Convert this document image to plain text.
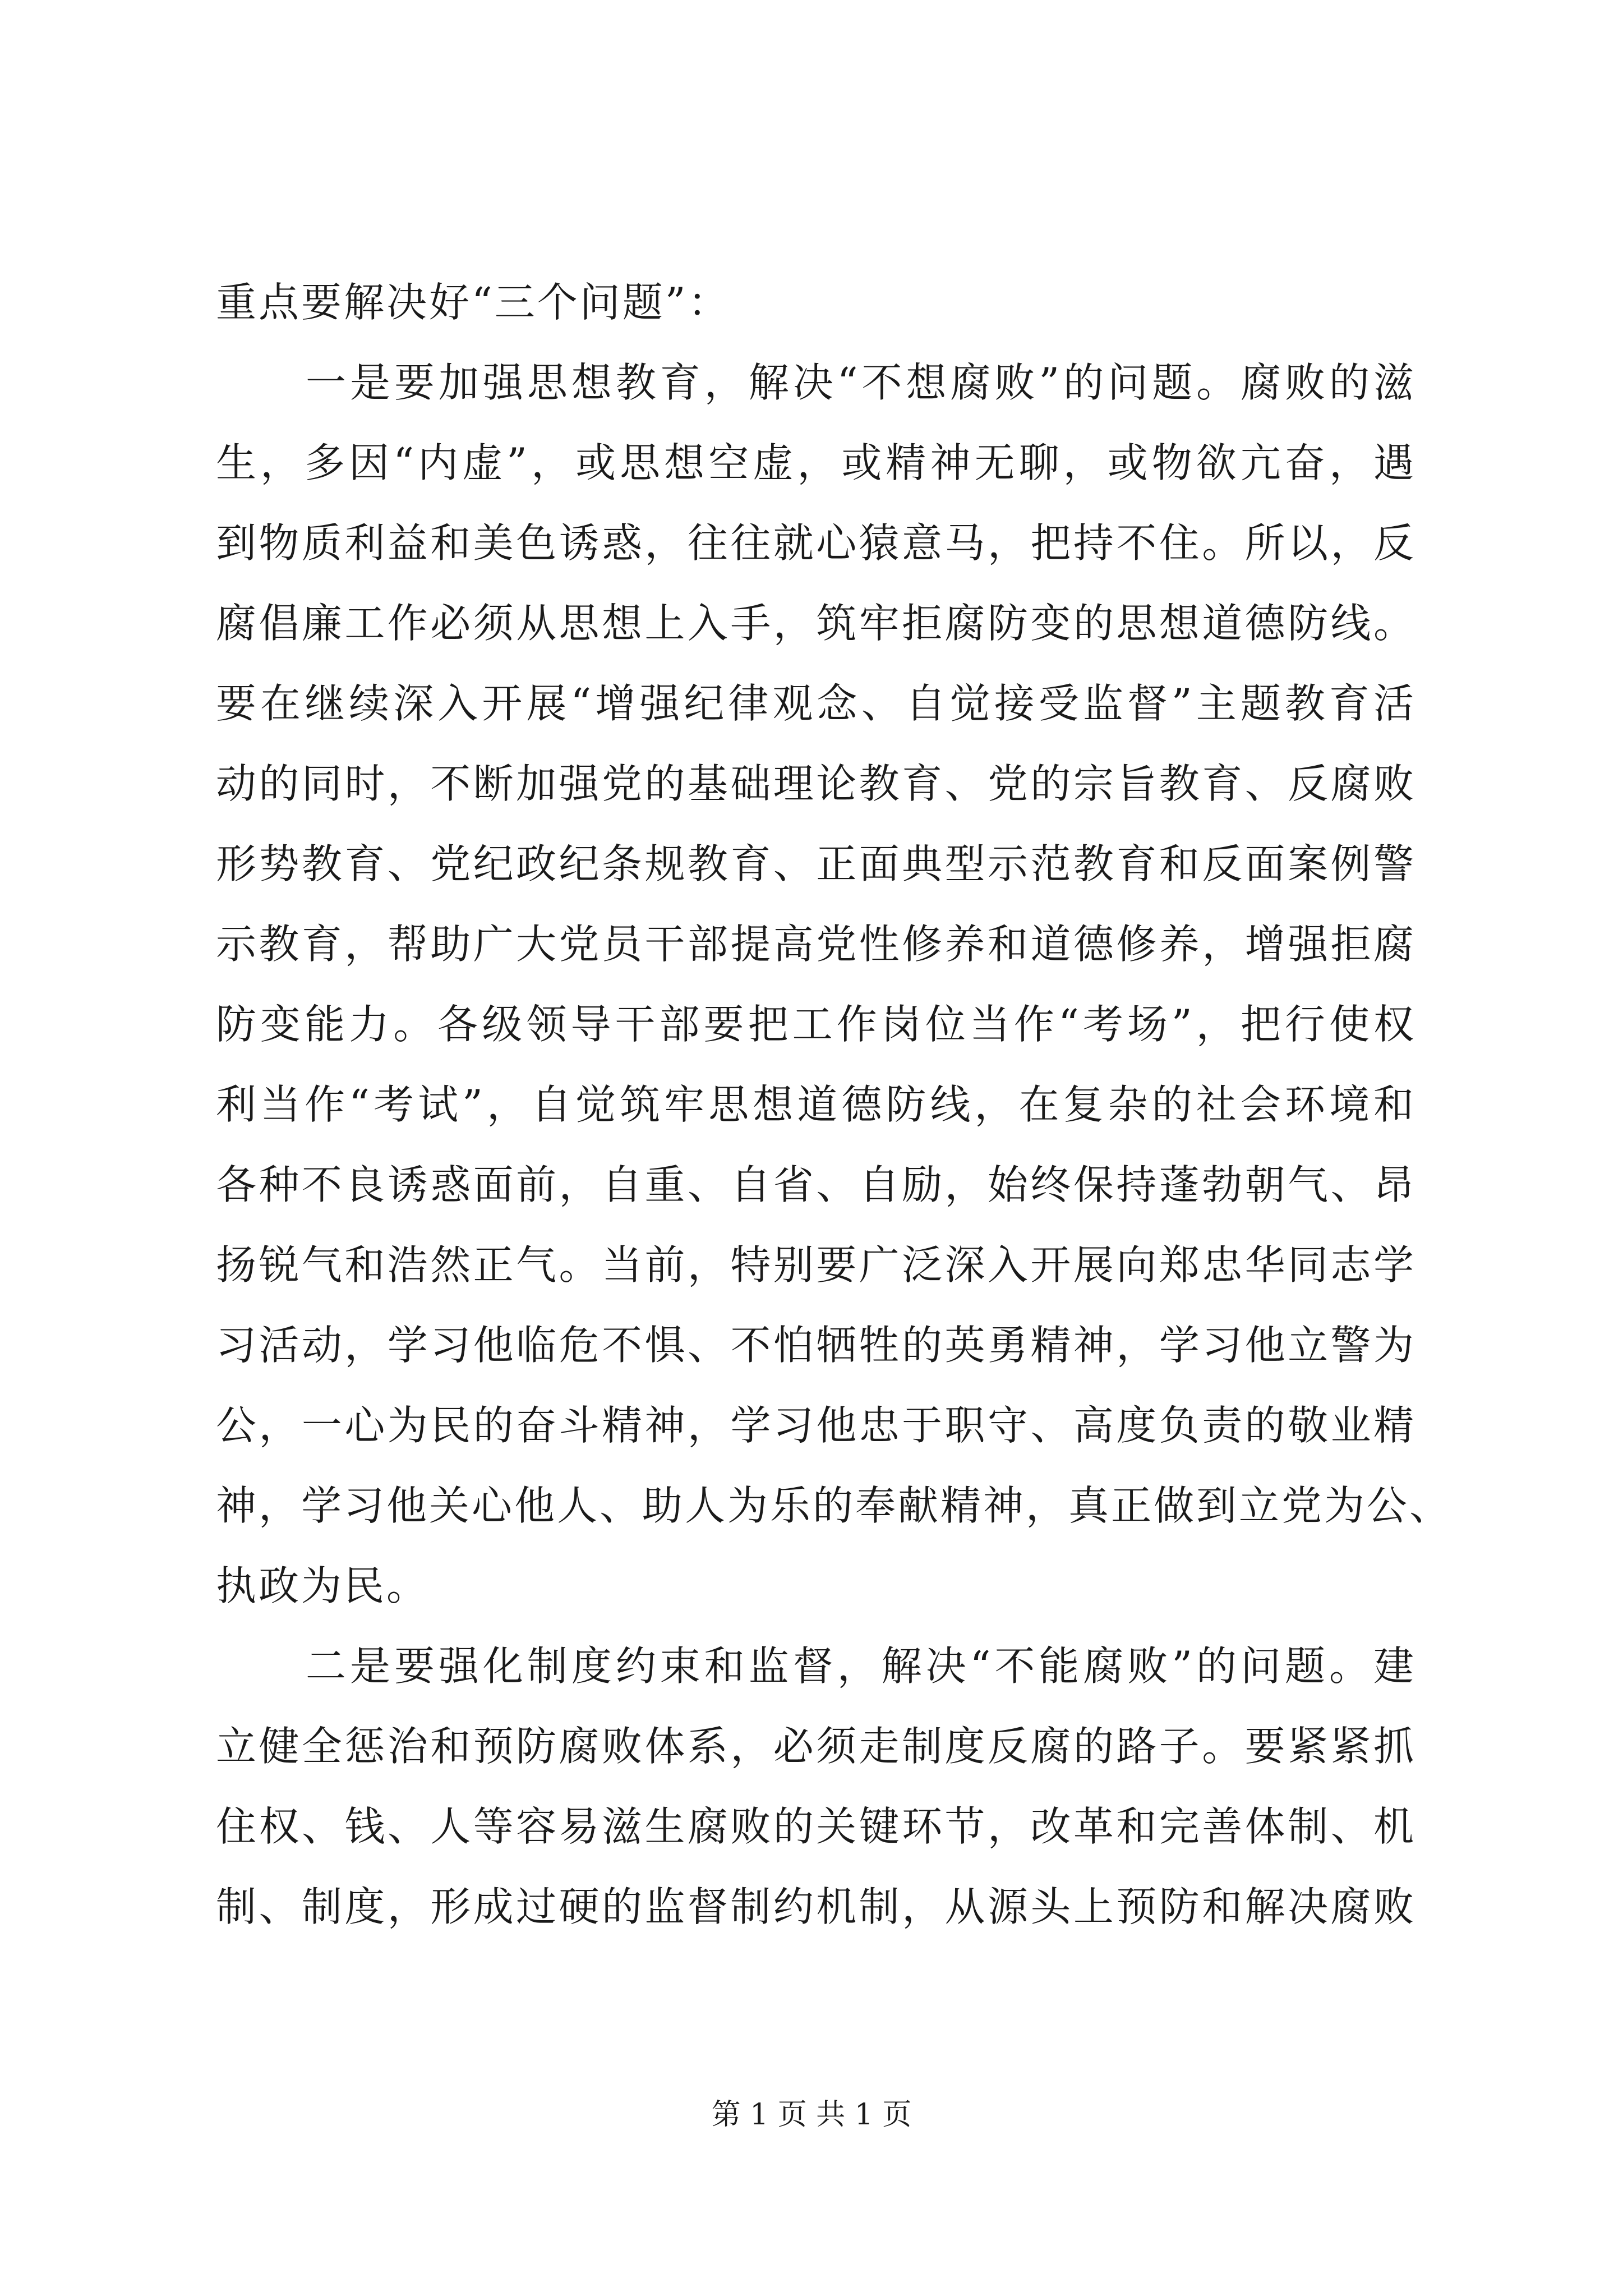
重点要解决好“三个问题”：
一是要加强思想教育，解决“不想腐败”的问题。腐败的滋
生，多因“内虚”，或思想空虚，或精神无聊，或物欲亢奋，遇
到物质利益和美色诱惑，往往就心猿意马，把持不住。所以，反
腐倡廉工作必须从思想上入手，筑牢拒腐防变的思想道德防线。
要在继续深入开展“增强纪律观念、自觉接受监督”主题教育活
动的同时，不断加强党的基础理论教育、党的宗旨教育、反腐败
形势教育、党纪政纪条规教育、正面典型示范教育和反面案例警
示教育，帮助广大党员干部提高党性修养和道德修养，增强拒腐
防变能力。各级领导干部要把工作岗位当作“考场”，把行使权
利当作“考试”，自觉筑牢思想道德防线，在复杂的社会环境和
各种不良诱惑面前，自重、自省、自励，始终保持蓬勃朝气、昂
扬锐气和浩然正气。当前，特别要广泛深入开展向郑忠华同志学
习活动，学习他临危不惧、不怕牺牲的英勇精神，学习他立警为
公，一心为民的奋斗精神，学习他忠于职守、高度负责的敬业精
神，学习他关心他人、助人为乐的奉献精神，真正做到立党为公、
执政为民。
二是要强化制度约束和监督，解决“不能腐败”的问题。建
立健全惩治和预防腐败体系，必须走制度反腐的路子。要紧紧抓
住权、钱、人等容易滋生腐败的关键环节，改革和完善体制、机
制、制度，形成过硬的监督制约机制，从源头上预防和解决腐败
第 1 页 共 1 页
